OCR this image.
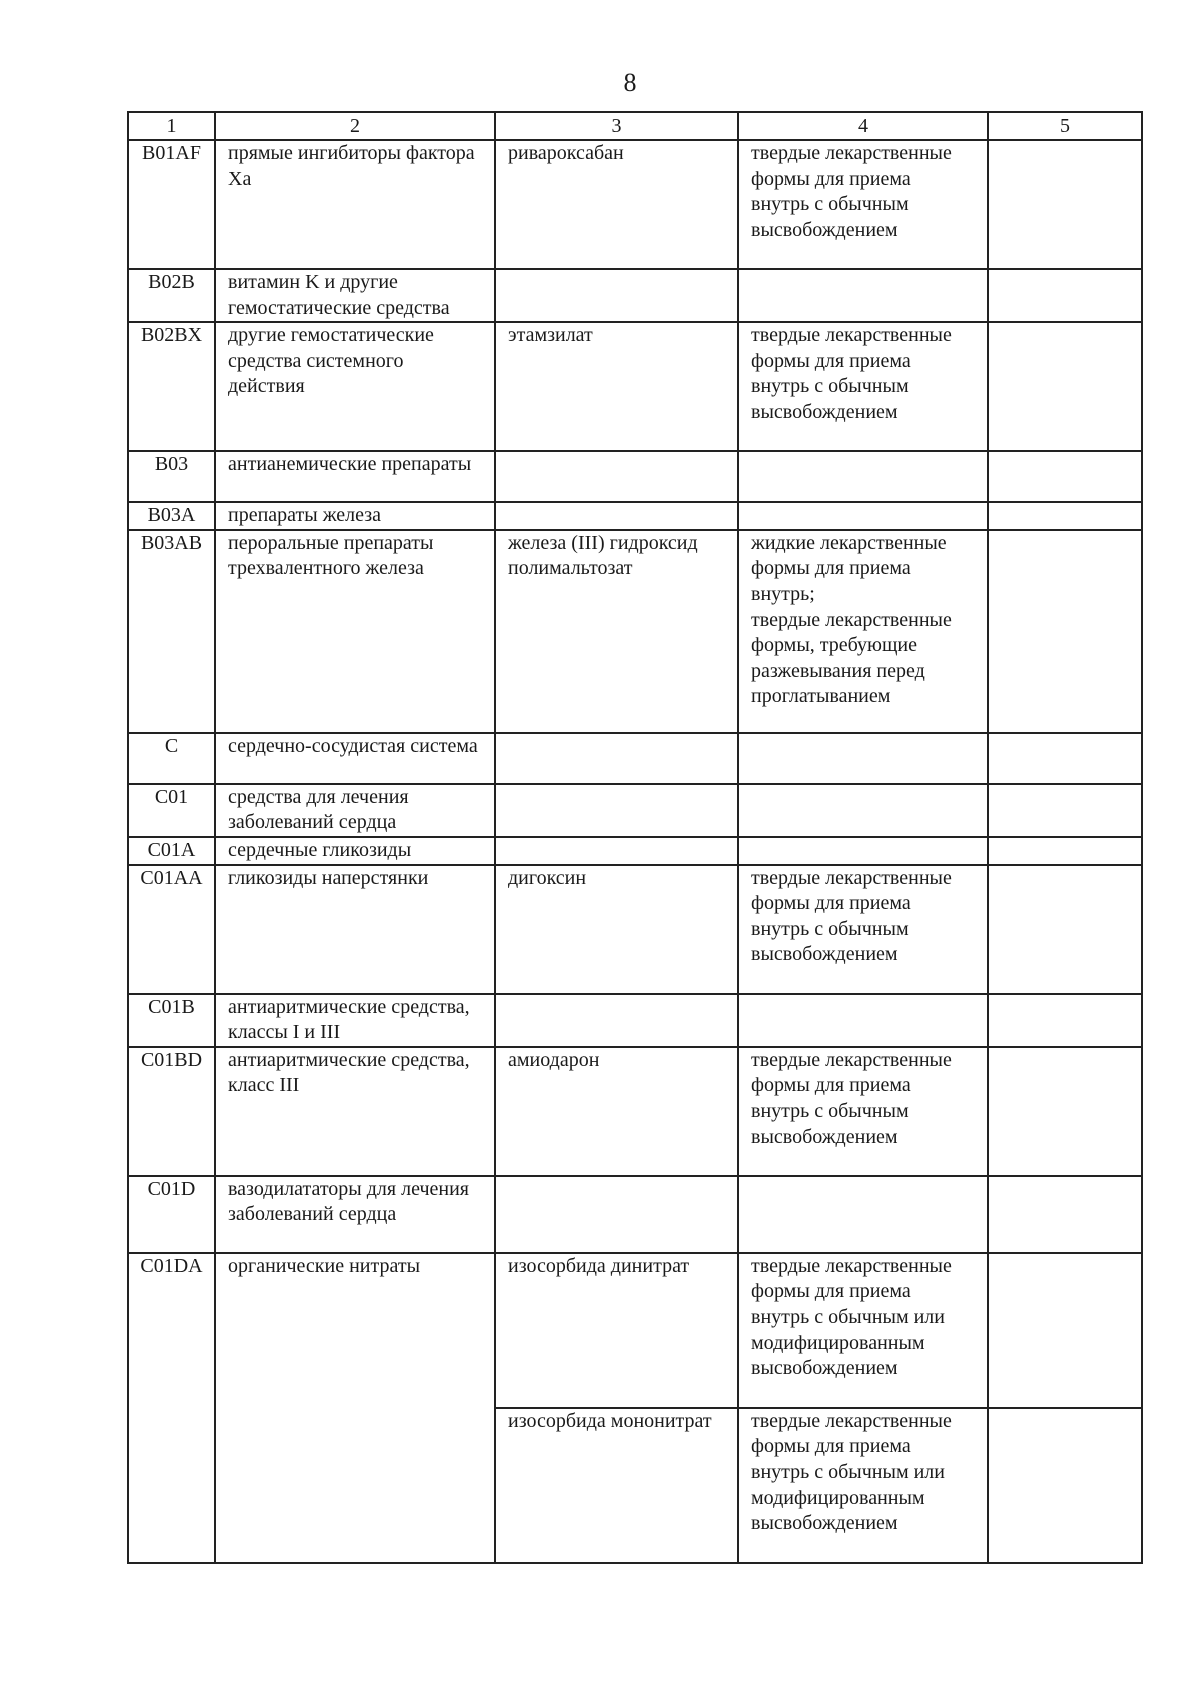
8
1	2	3	4	5
B01AF	прямые ингибиторы фактора Xa	ривароксабан	твердые лекарственные формы для приема внутрь с обычным высвобождением	

B02B	витамин K и другие гемостатические средства			
B02BX	другие гемостатические средства системного действия	этамзилат	твердые лекарственные формы для приема внутрь с обычным высвобождением	

B03	антианемические препараты			
B03A	препараты железа			
B03AB	пероральные препараты трехвалентного железа	железа (III) гидроксид полимальтозат	жидкие лекарственные формы для приема внутрь;
твердые лекарственные формы, требующие разжевывания перед проглатыванием	

C	сердечно-сосудистая система			
C01	средства для лечения заболеваний сердца			
C01A	сердечные гликозиды			
C01AA	гликозиды наперстянки	дигоксин	твердые лекарственные формы для приема внутрь с обычным высвобождением	

C01B	антиаритмические средства, классы I и III			
C01BD	антиаритмические средства, класс III	амиодарон	твердые лекарственные формы для приема внутрь с обычным высвобождением	

C01D	вазодилататоры для лечения заболеваний сердца			
C01DA	органические нитраты	изосорбида динитрат	твердые лекарственные формы для приема внутрь с обычным или модифицированным высвобождением	

		изосорбида мононитрат	твердые лекарственные формы для приема внутрь с обычным или модифицированным высвобождением	
